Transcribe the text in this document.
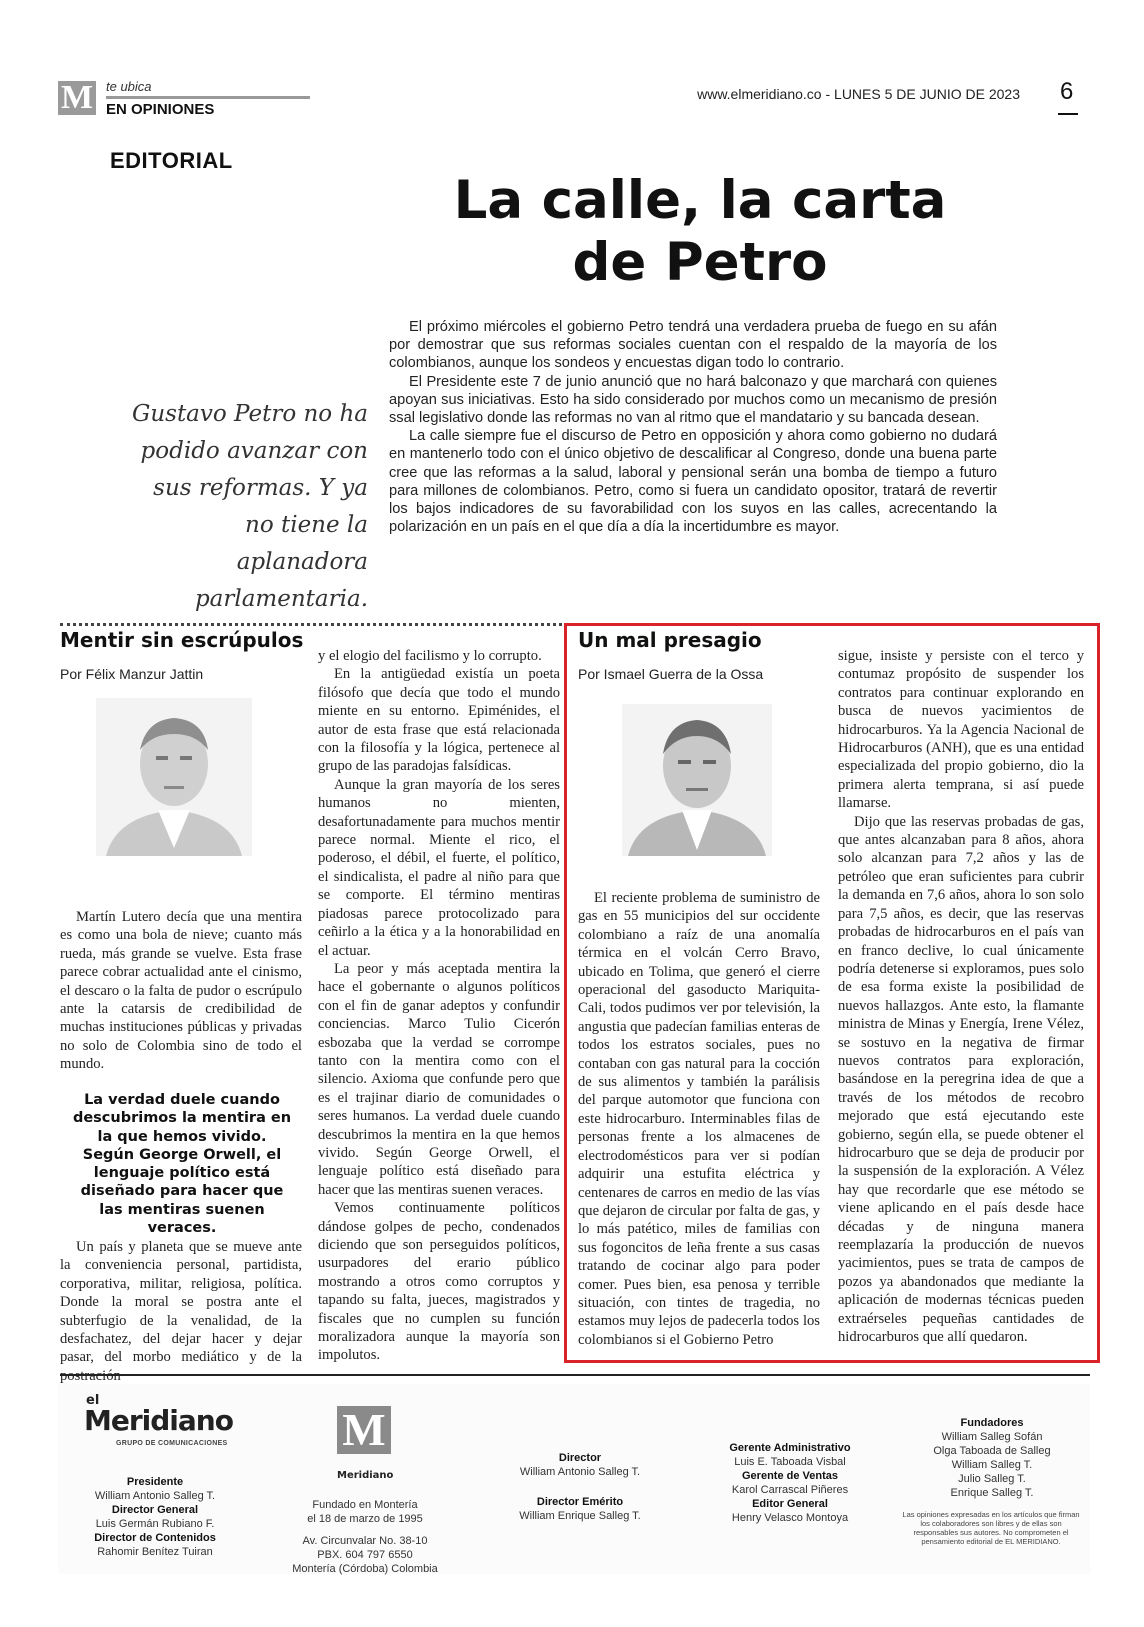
M te ubica
EN OPINIONES
www.elmeridiano.co - LUNES 5 DE JUNIO DE 2023 6
EDITORIAL
La calle, la carta
de Petro
Gustavo Petro no ha podido avanzar con sus reformas. Y ya no tiene la aplanadora parlamentaria.

El próximo miércoles el gobierno Petro tendrá una verdadera prueba de fuego en su afán por demostrar que sus reformas sociales cuentan con el respaldo de la mayoría de los colombianos, aunque los sondeos y encuestas digan todo lo contrario.

El Presidente este 7 de junio anunció que no hará balconazo y que marchará con quienes apoyan sus iniciativas. Esto ha sido considerado por muchos como un mecanismo de presión ssal legislativo donde las reformas no van al ritmo que el mandatario y su bancada desean.

La calle siempre fue el discurso de Petro en opposición y ahora como gobierno no dudará en mantenerlo todo con el único objetivo de descalificar al Congreso, donde una buena parte cree que las reformas a la salud, laboral y pensional serán una bomba de tiempo a futuro para millones de colombianos. Petro, como si fuera un candidato opositor, tratará de revertir los bajos indicadores de su favorabilidad con los suyos en las calles, acrecentando la polarización en un país en el que día a día la incertidumbre es mayor.

Mentir sin escrúpulos
Por Félix Manzur Jattin

Martín Lutero decía que una mentira es como una bola de nieve; cuanto más rueda, más grande se vuelve. Esta frase parece cobrar actualidad ante el cinismo, el descaro o la falta de pudor o escrúpulo ante la catarsis de credibilidad de muchas instituciones públicas y privadas no solo de Colombia sino de todo el mundo.

La verdad duele cuando descubrimos la mentira en la que hemos vivido. Según George Orwell, el lenguaje político está diseñado para hacer que las mentiras suenen veraces.

Un país y planeta que se mueve ante la conveniencia personal, partidista, corporativa, militar, religiosa, política. Donde la moral se postra ante el subterfugio de la venalidad, de la desfachatez, del dejar hacer y dejar pasar, del morbo mediático y de la

y el elogio del facilismo y lo corrupto.

En la antigüedad existía un poeta filósofo que decía que todo el mundo miente en su entorno. Epiménides, el autor de esta frase que está relacionada con la filosofía y la lógica, pertenece al grupo de las paradojas falsídicas.

Aunque la gran mayoría de los seres humanos no mienten, desafortunadamente para muchos mentir parece normal. Miente el rico, el poderoso, el débil, el fuerte, el político, el sindicalista, el padre al niño para que se comporte. El término mentiras piadosas parece protocolizado para ceñirlo a la ética y a la honorabilidad en el actuar.

La peor y más aceptada mentira la hace el gobernante o algunos políticos con el fin de ganar adeptos y confundir conciencias. Marco Tulio Cicerón esbozaba que la verdad se corrompe tanto con la mentira como con el silencio. Axioma que confunde pero que es el trajinar diario de comunidades o seres humanos. La verdad duele cuando descubrimos la mentira en la que hemos vivido. Según George Orwell, el lenguaje político está diseñado para hacer que las mentiras suenen veraces.

Vemos continuamente políticos dándose golpes de pecho, condenados diciendo que son perseguidos políticos, usurpadores del erario público mostrando a otros como corruptos y tapando su falta, jueces, magistrados y fiscales que no cumplen su función moralizadora aunque la mayoría son impolutos.

Un mal presagio
Por Ismael Guerra de la Ossa

El reciente problema de suministro de gas en 55 municipios del sur occidente colombiano a raíz de una anomalía térmica en el volcán Cerro Bravo, ubicado en Tolima, que generó el cierre operacional del gasoducto Mariquita-Cali, todos pudimos ver por televisión, la angustia que padecían familias enteras de todos los estratos sociales, pues no contaban con gas natural para la cocción de sus alimentos y también la parálisis del parque automotor que funciona con este hidrocarburo. Interminables filas de personas frente a los almacenes de electrodomésticos para ver si podían adquirir una estufita eléctrica y centenares de carros en medio de las vías que dejaron de circular por falta de gas, y lo más patético, miles de familias con sus fogoncitos de leña frente a sus casas tratando de cocinar algo para poder comer. Pues bien, esa penosa y terrible situación, con tintes de tragedia, no estamos muy lejos de padecerla todos los colombianos si el Gobierno Petro

sigue, insiste y persiste con el terco y contumaz propósito de suspender los contratos para continuar explorando en busca de nuevos yacimientos de hidrocarburos. Ya la Agencia Nacional de Hidrocarburos (ANH), que es una entidad especializada del propio gobierno, dio la primera alerta temprana, si así puede llamarse.

Dijo que las reservas probadas de gas, que antes alcanzaban para 8 años, ahora solo alcanzan para 7,2 años y las de petróleo que eran suficientes para cubrir la demanda en 7,6 años, ahora lo son solo para 7,5 años, es decir, que las reservas probadas de hidrocarburos en el país van en franco declive, lo cual únicamente podría detenerse si exploramos, pues solo de esa forma existe la posibilidad de nuevos hallazgos. Ante esto, la flamante ministra de Minas y Energía, Irene Vélez, se sostuvo en la negativa de firmar nuevos contratos para exploración, basándose en la peregrina idea de que a través de los métodos de recobro mejorado que está ejecutando este gobierno, según ella, se puede obtener el hidrocarburo que se deja de producir por la suspensión de la exploración. A Vélez hay que recordarle que ese método se viene aplicando en el país desde hace décadas y de ninguna manera reemplazaría la producción de nuevos yacimientos, pues se trata de campos de pozos ya abandonados que mediante la aplicación de modernas técnicas pueden extraérseles pequeñas cantidades de hidrocarburos que allí quedaron.

el
Meridiano
GRUPO DE COMUNICACIONES
Presidente
William Antonio Salleg T.
Director General
Luis Germán Rubiano F.
Director de Contenidos
Rahomir Benítez Tuiran
M
Meridiano
Fundado en Montería
el 18 de marzo de 1995

Av. Circunvalar No. 38-10
PBX. 604 797 6550
Montería (Córdoba) Colombia
Director
William Antonio Salleg T.

Director Emérito
William Enrique Salleg T.
Gerente Administrativo
Luis E. Taboada Visbal
Gerente de Ventas
Karol Carrascal Piñeres
Editor General
Henry Velasco Montoya
Fundadores
William Salleg Sofán
Olga Taboada de Salleg
William Salleg T.
Julio Salleg T.
Enrique Salleg T.
Las opiniones expresadas en los artículos que firman los colaboradores son libres y de ellas son responsables sus autores. No comprometen el pensamiento editorial de EL MERIDIANO.
